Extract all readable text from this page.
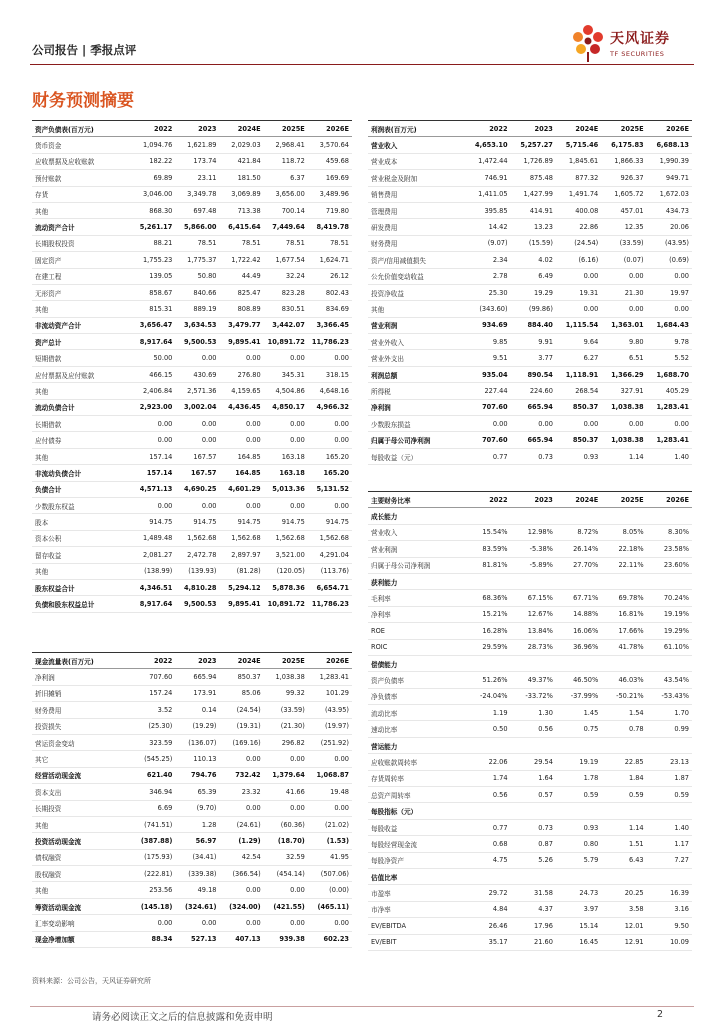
公司报告 | 季报点评
天风证券
TF SECURITIES
财务预测摘要
资产负债表(百万元)	2022	2023	2024E	2025E	2026E
货币资金	1,094.76	1,621.89	2,029.03	2,968.41	3,570.64
应收票据及应收账款	182.22	173.74	421.84	118.72	459.68
预付账款	69.89	23.11	181.50	6.37	169.69
存货	3,046.00	3,349.78	3,069.89	3,656.00	3,489.96
其他	868.30	697.48	713.38	700.14	719.80
流动资产合计	5,261.17	5,866.00	6,415.64	7,449.64	8,419.78
长期股权投资	88.21	78.51	78.51	78.51	78.51
固定资产	1,755.23	1,775.37	1,722.42	1,677.54	1,624.71
在建工程	139.05	50.80	44.49	32.24	26.12
无形资产	858.67	840.66	825.47	823.28	802.43
其他	815.31	889.19	808.89	830.51	834.69
非流动资产合计	3,656.47	3,634.53	3,479.77	3,442.07	3,366.45
资产总计	8,917.64	9,500.53	9,895.41	10,891.72	11,786.23
短期借款	50.00	0.00	0.00	0.00	0.00
应付票据及应付账款	466.15	430.69	276.80	345.31	318.15
其他	2,406.84	2,571.36	4,159.65	4,504.86	4,648.16
流动负债合计	2,923.00	3,002.04	4,436.45	4,850.17	4,966.32
长期借款	0.00	0.00	0.00	0.00	0.00
应付债券	0.00	0.00	0.00	0.00	0.00
其他	157.14	167.57	164.85	163.18	165.20
非流动负债合计	157.14	167.57	164.85	163.18	165.20
负债合计	4,571.13	4,690.25	4,601.29	5,013.36	5,131.52
少数股东权益	0.00	0.00	0.00	0.00	0.00
股本	914.75	914.75	914.75	914.75	914.75
资本公积	1,489.48	1,562.68	1,562.68	1,562.68	1,562.68
留存收益	2,081.27	2,472.78	2,897.97	3,521.00	4,291.04
其他	(138.99)	(139.93)	(81.28)	(120.05)	(113.76)
股东权益合计	4,346.51	4,810.28	5,294.12	5,878.36	6,654.71
负债和股东权益总计	8,917.64	9,500.53	9,895.41	10,891.72	11,786.23
现金流量表(百万元)	2022	2023	2024E	2025E	2026E
净利润	707.60	665.94	850.37	1,038.38	1,283.41
折旧摊销	157.24	173.91	85.06	99.32	101.29
财务费用	3.52	0.14	(24.54)	(33.59)	(43.95)
投资损失	(25.30)	(19.29)	(19.31)	(21.30)	(19.97)
营运资金变动	323.59	(136.07)	(169.16)	296.82	(251.92)
其它	(545.25)	110.13	0.00	0.00	0.00
经营活动现金流	621.40	794.76	732.42	1,379.64	1,068.87
资本支出	346.94	65.39	23.32	41.66	19.48
长期投资	6.69	(9.70)	0.00	0.00	0.00
其他	(741.51)	1.28	(24.61)	(60.36)	(21.02)
投资活动现金流	(387.88)	56.97	(1.29)	(18.70)	(1.53)
债权融资	(175.93)	(34.41)	42.54	32.59	41.95
股权融资	(222.81)	(339.38)	(366.54)	(454.14)	(507.06)
其他	253.56	49.18	0.00	0.00	(0.00)
筹资活动现金流	(145.18)	(324.61)	(324.00)	(421.55)	(465.11)
汇率变动影响	0.00	0.00	0.00	0.00	0.00
现金净增加额	88.34	527.13	407.13	939.38	602.23
利润表(百万元)	2022	2023	2024E	2025E	2026E
营业收入	4,653.10	5,257.27	5,715.46	6,175.83	6,688.13
营业成本	1,472.44	1,726.89	1,845.61	1,866.33	1,990.39
营业税金及附加	746.91	875.48	877.32	926.37	949.71
销售费用	1,411.05	1,427.99	1,491.74	1,605.72	1,672.03
管理费用	395.85	414.91	400.08	457.01	434.73
研发费用	14.42	13.23	22.86	12.35	20.06
财务费用	(9.07)	(15.59)	(24.54)	(33.59)	(43.95)
资产/信用减值损失	2.34	4.02	(6.16)	(0.07)	(0.69)
公允价值变动收益	2.78	6.49	0.00	0.00	0.00
投资净收益	25.30	19.29	19.31	21.30	19.97
其他	(343.60)	(99.86)	0.00	0.00	0.00
营业利润	934.69	884.40	1,115.54	1,363.01	1,684.43
营业外收入	9.85	9.91	9.64	9.80	9.78
营业外支出	9.51	3.77	6.27	6.51	5.52
利润总额	935.04	890.54	1,118.91	1,366.29	1,688.70
所得税	227.44	224.60	268.54	327.91	405.29
净利润	707.60	665.94	850.37	1,038.38	1,283.41
少数股东损益	0.00	0.00	0.00	0.00	0.00
归属于母公司净利润	707.60	665.94	850.37	1,038.38	1,283.41
每股收益（元）	0.77	0.73	0.93	1.14	1.40
主要财务比率	2022	2023	2024E	2025E	2026E
成长能力					
营业收入	15.54%	12.98%	8.72%	8.05%	8.30%
营业利润	83.59%	-5.38%	26.14%	22.18%	23.58%
归属于母公司净利润	81.81%	-5.89%	27.70%	22.11%	23.60%
获利能力					
毛利率	68.36%	67.15%	67.71%	69.78%	70.24%
净利率	15.21%	12.67%	14.88%	16.81%	19.19%
ROE	16.28%	13.84%	16.06%	17.66%	19.29%
ROIC	29.59%	28.73%	36.96%	41.78%	61.10%
偿债能力					
资产负债率	51.26%	49.37%	46.50%	46.03%	43.54%
净负债率	-24.04%	-33.72%	-37.99%	-50.21%	-53.43%
流动比率	1.19	1.30	1.45	1.54	1.70
速动比率	0.50	0.56	0.75	0.78	0.99
营运能力					
应收账款周转率	22.06	29.54	19.19	22.85	23.13
存货周转率	1.74	1.64	1.78	1.84	1.87
总资产周转率	0.56	0.57	0.59	0.59	0.59
每股指标（元）					
每股收益	0.77	0.73	0.93	1.14	1.40
每股经营现金流	0.68	0.87	0.80	1.51	1.17
每股净资产	4.75	5.26	5.79	6.43	7.27
估值比率					
市盈率	29.72	31.58	24.73	20.25	16.39
市净率	4.84	4.37	3.97	3.58	3.16
EV/EBITDA	26.46	17.96	15.14	12.01	9.50
EV/EBIT	35.17	21.60	16.45	12.91	10.09
资料来源：公司公告，天风证券研究所
请务必阅读正文之后的信息披露和免责申明	2
